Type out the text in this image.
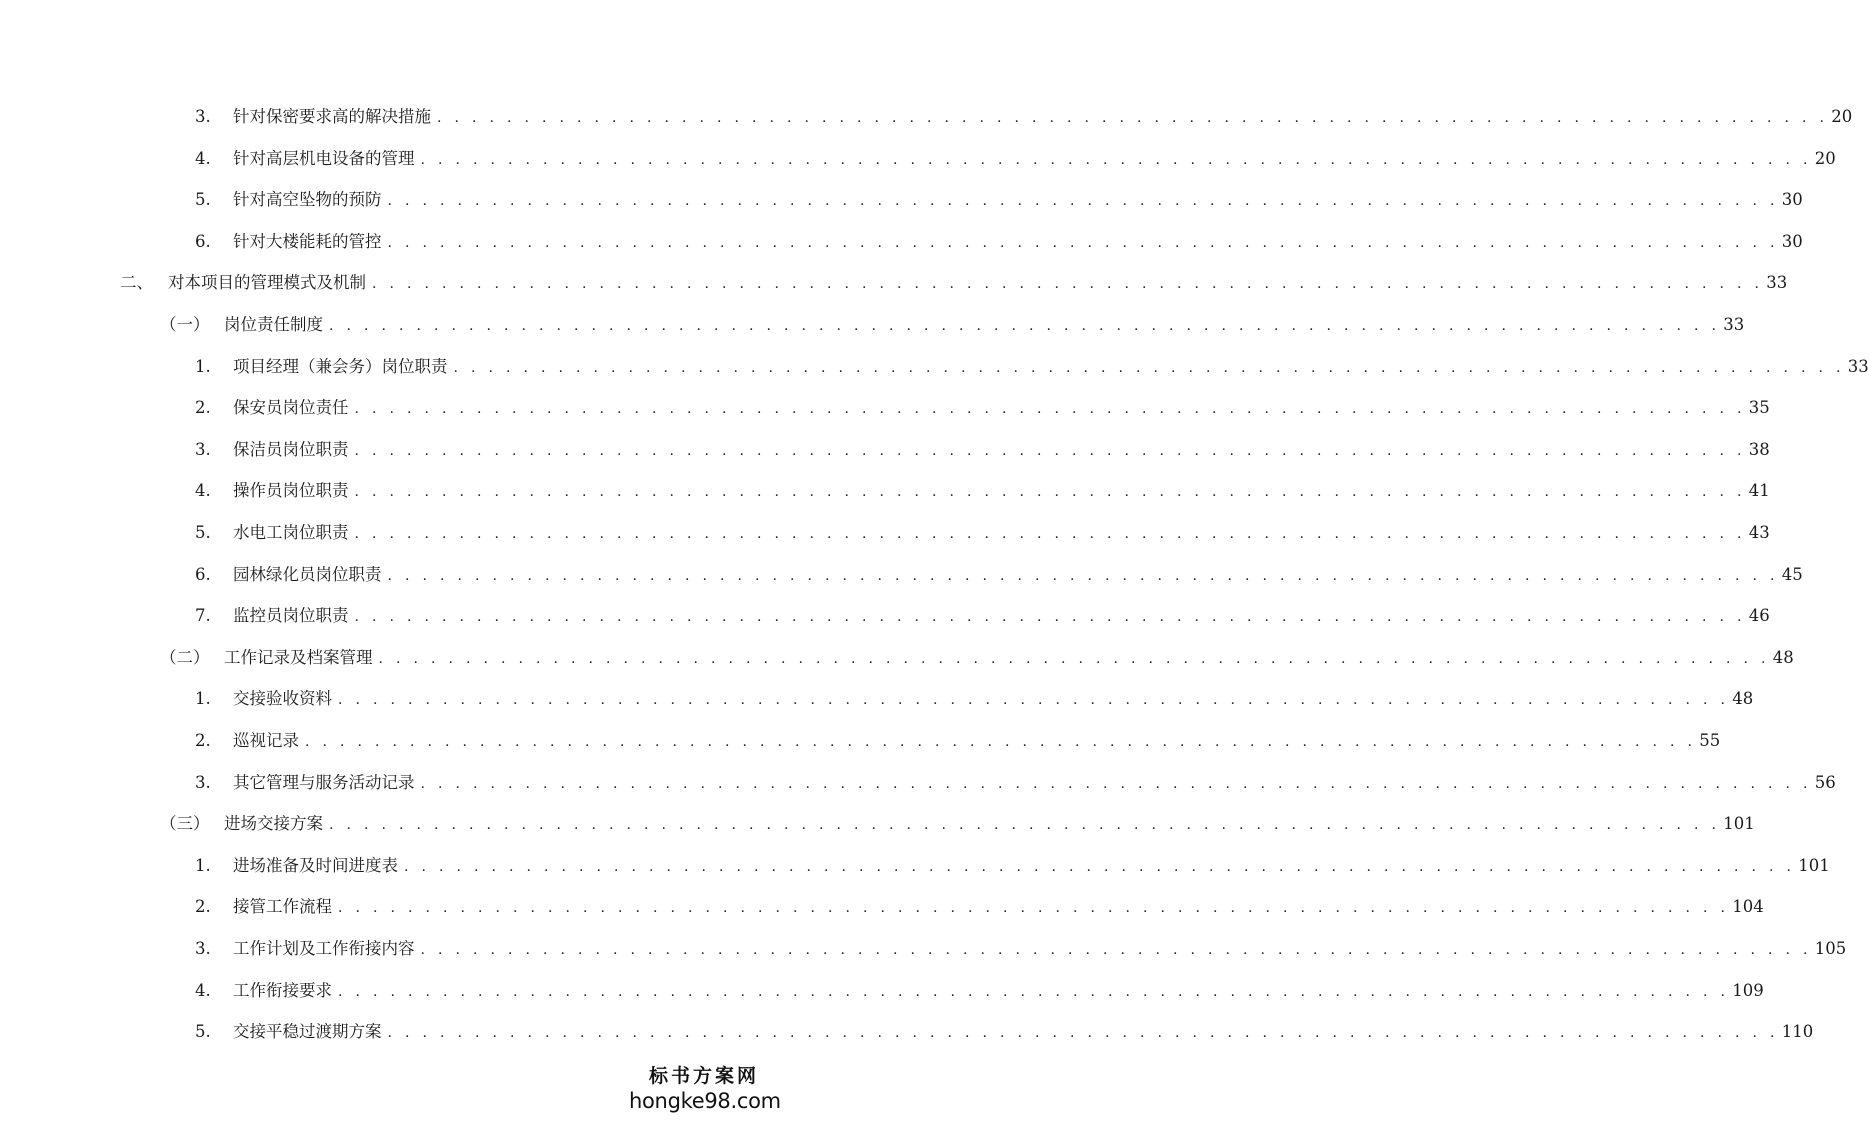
3.	针对保密要求高的解决措施 . . . . . . . . . . . . . . . . . . . . . . . . . . . . . . . . . . . . . . . . . . . . . . . . . . . . . . . . . . . . . . . . . . . . . . . . . . . . . . . . 20
4.	针对高层机电设备的管理 . . . . . . . . . . . . . . . . . . . . . . . . . . . . . . . . . . . . . . . . . . . . . . . . . . . . . . . . . . . . . . . . . . . . . . . . . . . . . . . . 20
5.	针对高空坠物的预防 . . . . . . . . . . . . . . . . . . . . . . . . . . . . . . . . . . . . . . . . . . . . . . . . . . . . . . . . . . . . . . . . . . . . . . . . . . . . . . . . 30
6.	针对大楼能耗的管控 . . . . . . . . . . . . . . . . . . . . . . . . . . . . . . . . . . . . . . . . . . . . . . . . . . . . . . . . . . . . . . . . . . . . . . . . . . . . . . . . 30
二、 对本项目的管理模式及机制 . . . . . . . . . . . . . . . . . . . . . . . . . . . . . . . . . . . . . . . . . . . . . . . . . . . . . . . . . . . . . . . . . . . . . . . . . . . . . . . . 33
（一） 岗位责任制度 . . . . . . . . . . . . . . . . . . . . . . . . . . . . . . . . . . . . . . . . . . . . . . . . . . . . . . . . . . . . . . . . . . . . . . . . . . . . . . . . 33
1.	项目经理（兼会务）岗位职责 . . . . . . . . . . . . . . . . . . . . . . . . . . . . . . . . . . . . . . . . . . . . . . . . . . . . . . . . . . . . . . . . . . . . . . . . . . . . . . . . 33
2.	保安员岗位责任 . . . . . . . . . . . . . . . . . . . . . . . . . . . . . . . . . . . . . . . . . . . . . . . . . . . . . . . . . . . . . . . . . . . . . . . . . . . . . . . . 35
3.	保洁员岗位职责 . . . . . . . . . . . . . . . . . . . . . . . . . . . . . . . . . . . . . . . . . . . . . . . . . . . . . . . . . . . . . . . . . . . . . . . . . . . . . . . . 38
4.	操作员岗位职责 . . . . . . . . . . . . . . . . . . . . . . . . . . . . . . . . . . . . . . . . . . . . . . . . . . . . . . . . . . . . . . . . . . . . . . . . . . . . . . . . 41
5.	水电工岗位职责 . . . . . . . . . . . . . . . . . . . . . . . . . . . . . . . . . . . . . . . . . . . . . . . . . . . . . . . . . . . . . . . . . . . . . . . . . . . . . . . . 43
6.	园林绿化员岗位职责 . . . . . . . . . . . . . . . . . . . . . . . . . . . . . . . . . . . . . . . . . . . . . . . . . . . . . . . . . . . . . . . . . . . . . . . . . . . . . . . . 45
7.	监控员岗位职责 . . . . . . . . . . . . . . . . . . . . . . . . . . . . . . . . . . . . . . . . . . . . . . . . . . . . . . . . . . . . . . . . . . . . . . . . . . . . . . . . 46
（二） 工作记录及档案管理 . . . . . . . . . . . . . . . . . . . . . . . . . . . . . . . . . . . . . . . . . . . . . . . . . . . . . . . . . . . . . . . . . . . . . . . . . . . . . . . . 48
1.	交接验收资料 . . . . . . . . . . . . . . . . . . . . . . . . . . . . . . . . . . . . . . . . . . . . . . . . . . . . . . . . . . . . . . . . . . . . . . . . . . . . . . . . 48
2.	巡视记录 . . . . . . . . . . . . . . . . . . . . . . . . . . . . . . . . . . . . . . . . . . . . . . . . . . . . . . . . . . . . . . . . . . . . . . . . . . . . . . . . 55
3.	其它管理与服务活动记录 . . . . . . . . . . . . . . . . . . . . . . . . . . . . . . . . . . . . . . . . . . . . . . . . . . . . . . . . . . . . . . . . . . . . . . . . . . . . . . . . 56
（三） 进场交接方案 . . . . . . . . . . . . . . . . . . . . . . . . . . . . . . . . . . . . . . . . . . . . . . . . . . . . . . . . . . . . . . . . . . . . . . . . . . . . . . . . 101
1.	进场准备及时间进度表 . . . . . . . . . . . . . . . . . . . . . . . . . . . . . . . . . . . . . . . . . . . . . . . . . . . . . . . . . . . . . . . . . . . . . . . . . . . . . . . . 101
2.	接管工作流程 . . . . . . . . . . . . . . . . . . . . . . . . . . . . . . . . . . . . . . . . . . . . . . . . . . . . . . . . . . . . . . . . . . . . . . . . . . . . . . . . 104
3.	工作计划及工作衔接内容 . . . . . . . . . . . . . . . . . . . . . . . . . . . . . . . . . . . . . . . . . . . . . . . . . . . . . . . . . . . . . . . . . . . . . . . . . . . . . . . . 105
4.	工作衔接要求 . . . . . . . . . . . . . . . . . . . . . . . . . . . . . . . . . . . . . . . . . . . . . . . . . . . . . . . . . . . . . . . . . . . . . . . . . . . . . . . . 109
5.	交接平稳过渡期方案 . . . . . . . . . . . . . . . . . . . . . . . . . . . . . . . . . . . . . . . . . . . . . . . . . . . . . . . . . . . . . . . . . . . . . . . . . . . . . . . . 110
标书方案网
hongke98.com
